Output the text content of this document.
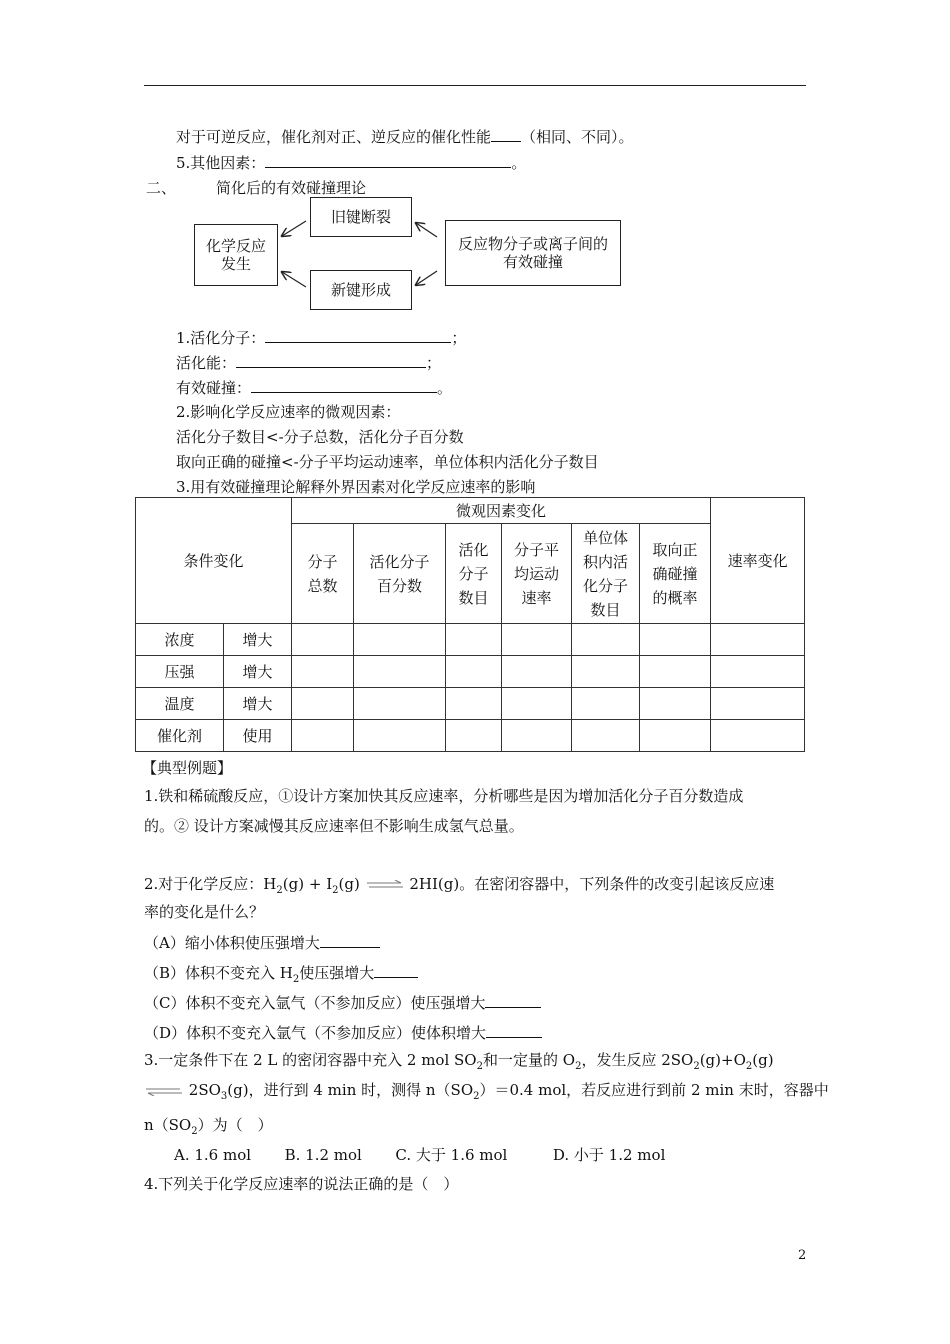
对于可逆反应，催化剂对正、逆反应的催化性能 （相同、不同）。
5.其他因素：	。
二、	简化后的有效碰撞理论
化学反应发生
旧键断裂
新键形成
反应物分子或离子间的有效碰撞
1.活化分子：	；
活化能：	；
有效碰撞：	。
2.影响化学反应速率的微观因素：
活化分子数目<-分子总数，活化分子百分数
取向正确的碰撞<-分子平均运动速率，单位体积内活化分子数目
3.用有效碰撞理论解释外界因素对化学反应速率的影响
条件变化		微观因素变化						速率变化
		分子总数	活化分子百分数	活化分子数目	分子平均运动速率	单位体积内活化分子数目	取向正确碰撞的概率	
浓度	增大							
压强	增大							
温度	增大							
催化剂	使用							
【典型例题】
1.铁和稀硫酸反应，①设计方案加快其反应速率，分析哪些是因为增加活化分子百分数造成
的。② 设计方案减慢其反应速率但不影响生成氢气总量。
2.对于化学反应：$H_2(g) + I_2(g)$	2HI(g)。在密闭容器中，下列条件的改变引起该反应速
率的变化是什么？
（A）缩小体积使压强增大
（B）体积不变充入 $H_2$使压强增大
（C）体积不变充入氩气（不参加反应）使压强增大
（D）体积不变充入氩气（不参加反应）使体积增大
3.一定条件下在 2 L 的密闭容器中充入 2 mol $SO_2$和一定量的 $O_2$，发生反应 $2SO_2(g)+O_2(g)$
$2SO_3(g)$，进行到 4 min 时，测得 $n(SO_2)=0.4$ mol，若反应进行到前 2 min 末时，容器中
$n(SO_2)$为（　）
A. 1.6 mol B. 1.2 mol C. 大于 1.6 mol	D. 小于 1.2 mol
4.下列关于化学反应速率的说法正确的是（　）
2
